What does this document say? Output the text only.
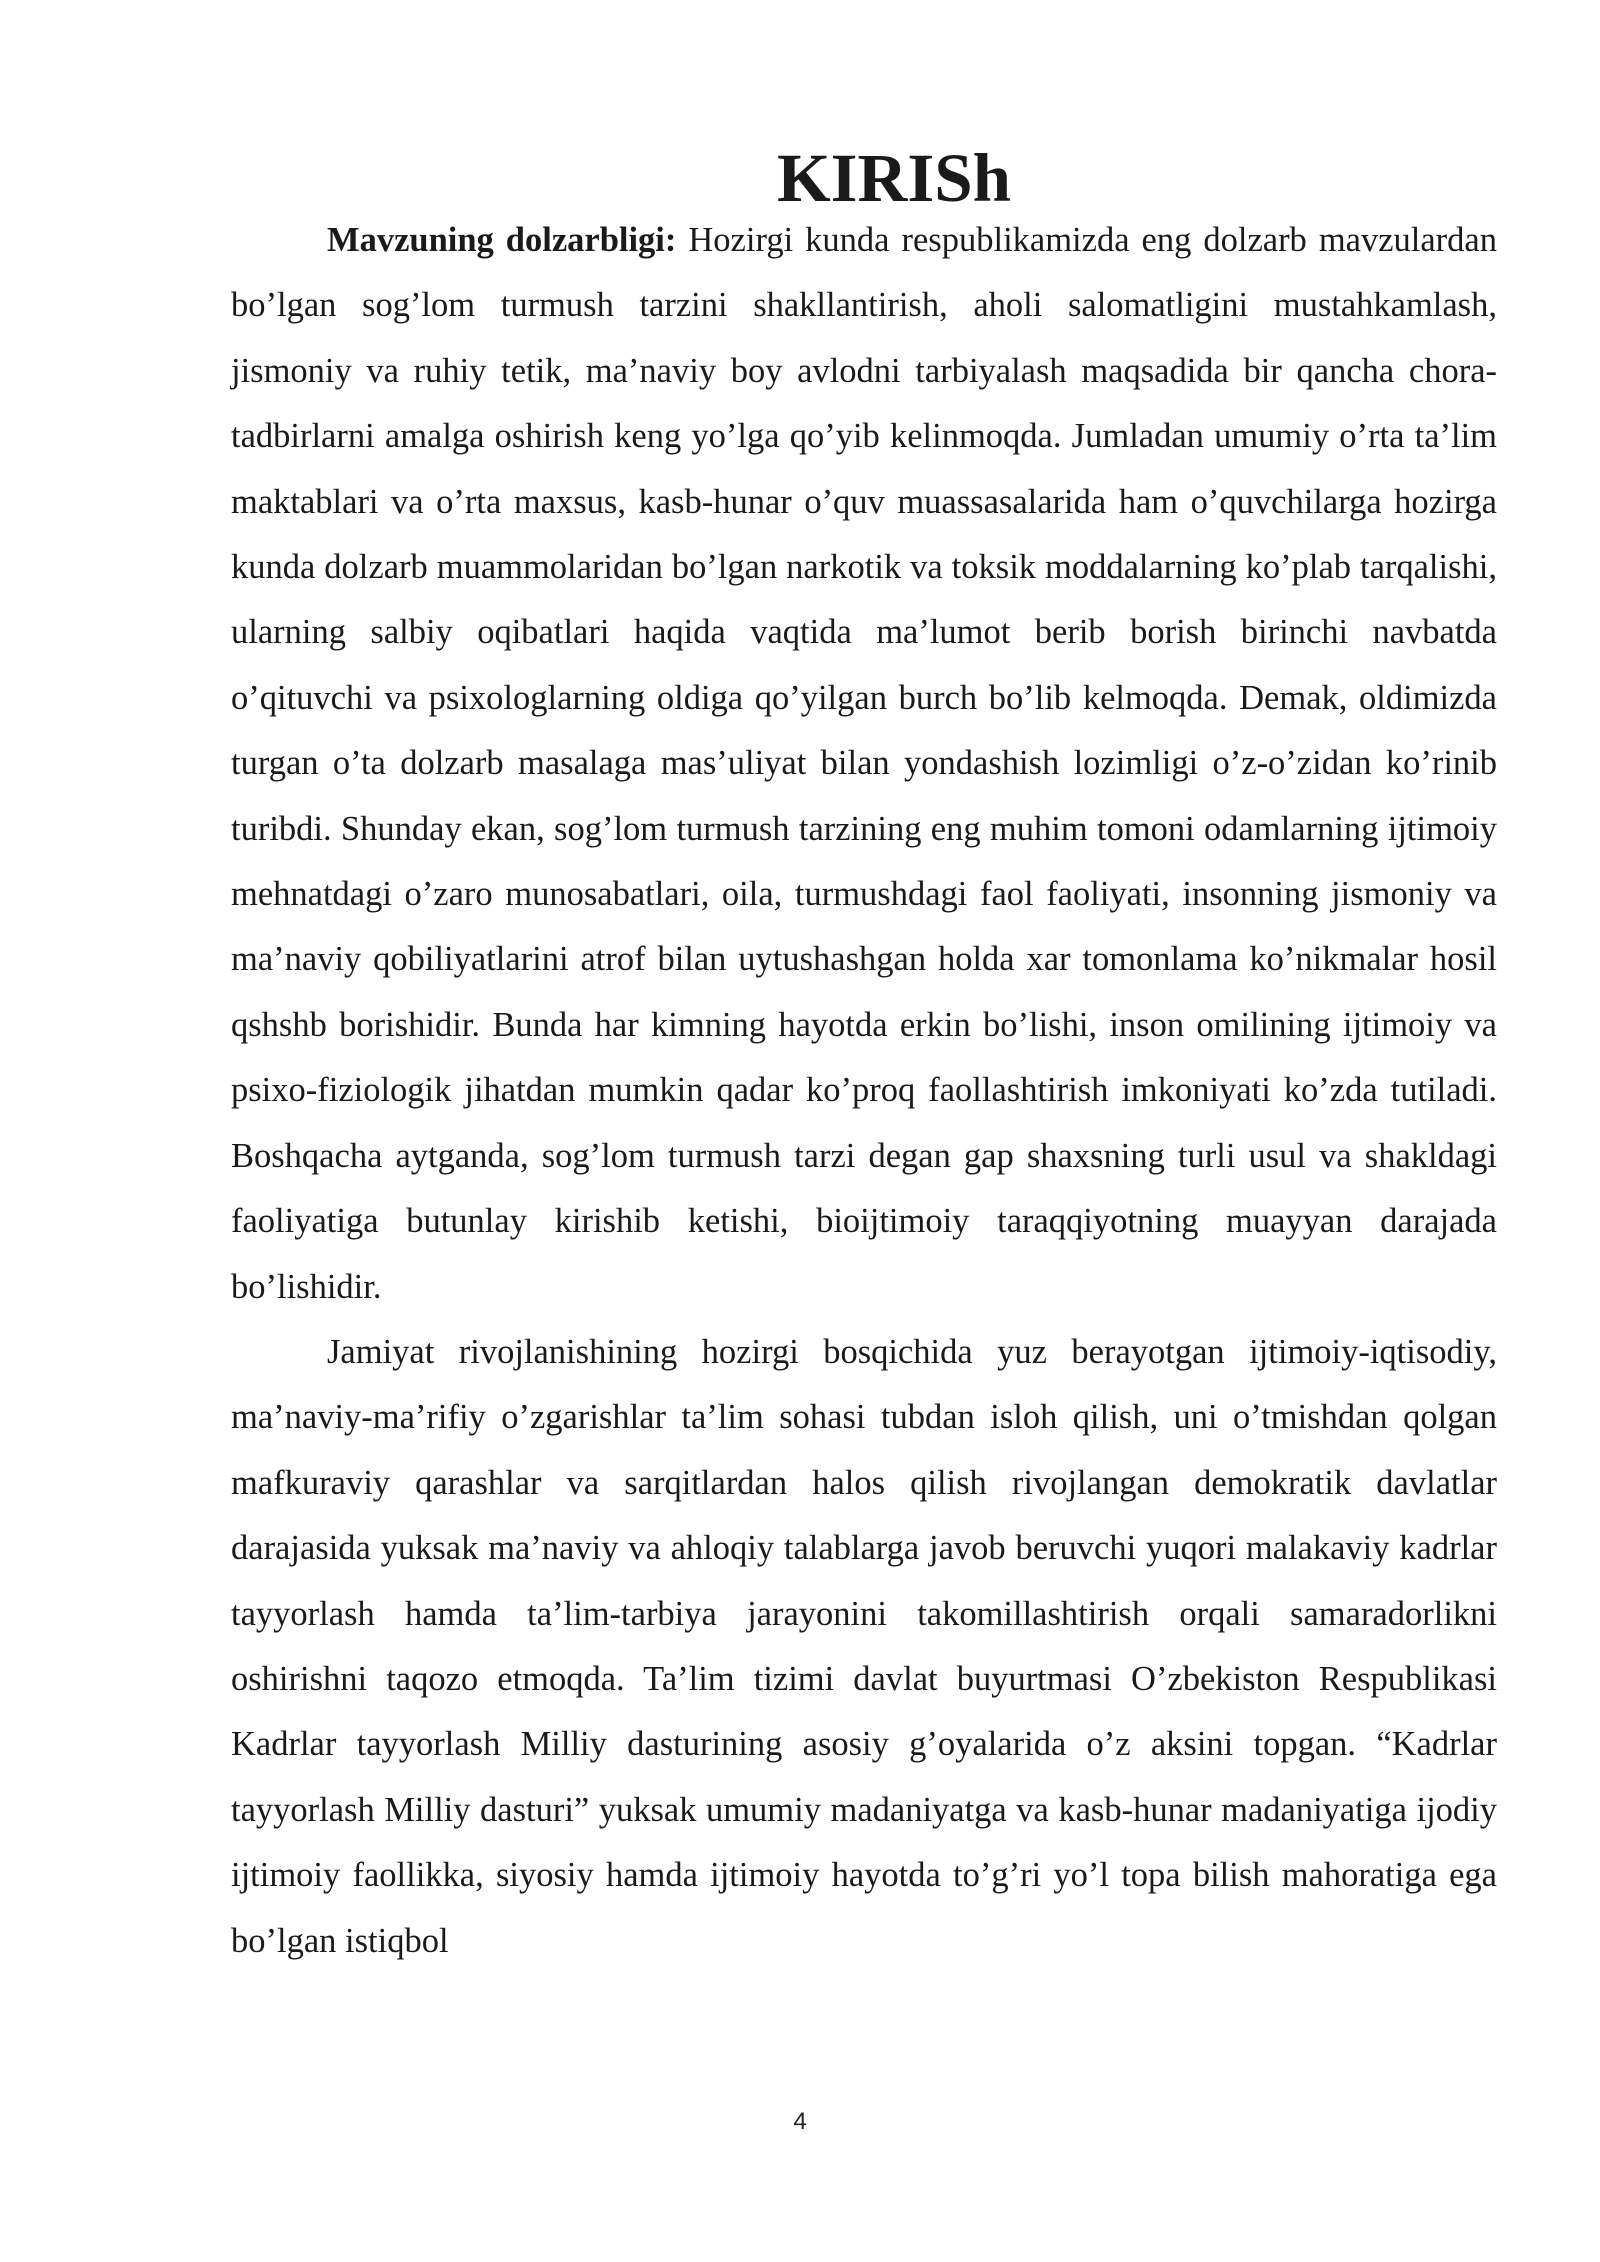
KIRISh

Mavzuning dolzarbligi: Hozirgi kunda respublikamizda eng dolzarb mavzulardan bo’lgan sog’lom turmush tarzini shakllantirish, aholi salomatligini mustahkamlash, jismoniy va ruhiy tetik, ma’naviy boy avlodni tarbiyalash maqsadida bir qancha chora-tadbirlarni amalga oshirish keng yo’lga qo’yib kelinmoqda. Jumladan umumiy o’rta ta’lim maktablari va o’rta maxsus, kasb-hunar o’quv muassasalarida ham o’quvchilarga hozirga kunda dolzarb muammolaridan bo’lgan narkotik va toksik moddalarning ko’plab tarqalishi, ularning salbiy oqibatlari haqida vaqtida ma’lumot berib borish birinchi navbatda o’qituvchi va psixologlarning oldiga qo’yilgan burch bo’lib kelmoqda. Demak, oldimizda turgan o’ta dolzarb masalaga mas’uliyat bilan yondashish lozimligi o’z-o’zidan ko’rinib turibdi. Shunday ekan, sog’lom turmush tarzining eng muhim tomoni odamlarning ijtimoiy mehnatdagi o’zaro munosabatlari, oila, turmushdagi faol faoliyati, insonning jismoniy va ma’naviy qobiliyatlarini atrof bilan uytushashgan holda xar tomonlama ko’nikmalar hosil qshshb borishidir. Bunda har kimning hayotda erkin bo’lishi, inson omilining ijtimoiy va psixo-fiziologik jihatdan mumkin qadar ko’proq faollashtirish imkoniyati ko’zda tutiladi. Boshqacha aytganda, sog’lom turmush tarzi degan gap shaxsning turli usul va shakldagi faoliyatiga butunlay kirishib ketishi, bioijtimoiy taraqqiyotning muayyan darajada bo’lishidir.

Jamiyat rivojlanishining hozirgi bosqichida yuz berayotgan ijtimoiy-iqtisodiy, ma’naviy-ma’rifiy o’zgarishlar ta’lim sohasi tubdan isloh qilish, uni o’tmishdan qolgan mafkuraviy qarashlar va sarqitlardan halos qilish rivojlangan demokratik davlatlar darajasida yuksak ma’naviy va ahloqiy talablarga javob beruvchi yuqori malakaviy kadrlar tayyorlash hamda ta’lim-tarbiya jarayonini takomillashtirish orqali samaradorlikni oshirishni taqozo etmoqda. Ta’lim tizimi davlat buyurtmasi O’zbekiston Respublikasi Kadrlar tayyorlash Milliy dasturining asosiy g’oyalarida o’z aksini topgan. “Kadrlar tayyorlash Milliy dasturi” yuksak umumiy madaniyatga va kasb-hunar madaniyatiga ijodiy ijtimoiy faollikka, siyosiy hamda ijtimoiy hayotda to’g’ri yo’l topa bilish mahoratiga ega bo’lgan istiqbol

4
